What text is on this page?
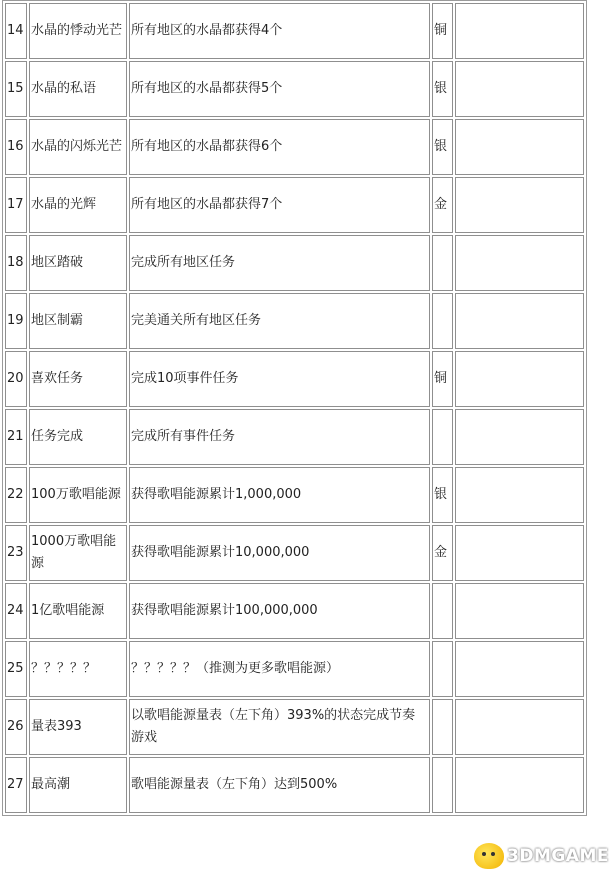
14	水晶的悸动光芒	所有地区的水晶都获得4个	铜	
15	水晶的私语	所有地区的水晶都获得5个	银	
16	水晶的闪烁光芒	所有地区的水晶都获得6个	银	
17	水晶的光辉	所有地区的水晶都获得7个	金	
18	地区踏破	完成所有地区任务		
19	地区制霸	完美通关所有地区任务		
20	喜欢任务	完成10项事件任务	铜	
21	任务完成	完成所有事件任务		
22	100万歌唱能源	获得歌唱能源累计1,000,000	银	
23	1000万歌唱能源	获得歌唱能源累计10,000,000	金	
24	1亿歌唱能源	获得歌唱能源累计100,000,000		
25	？？？？？	？？？？？（推测为更多歌唱能源）		
26	量表393	以歌唱能源量表（左下角）393%的状态完成节奏游戏		
27	最高潮	歌唱能源量表（左下角）达到500%		
3DMGAME
